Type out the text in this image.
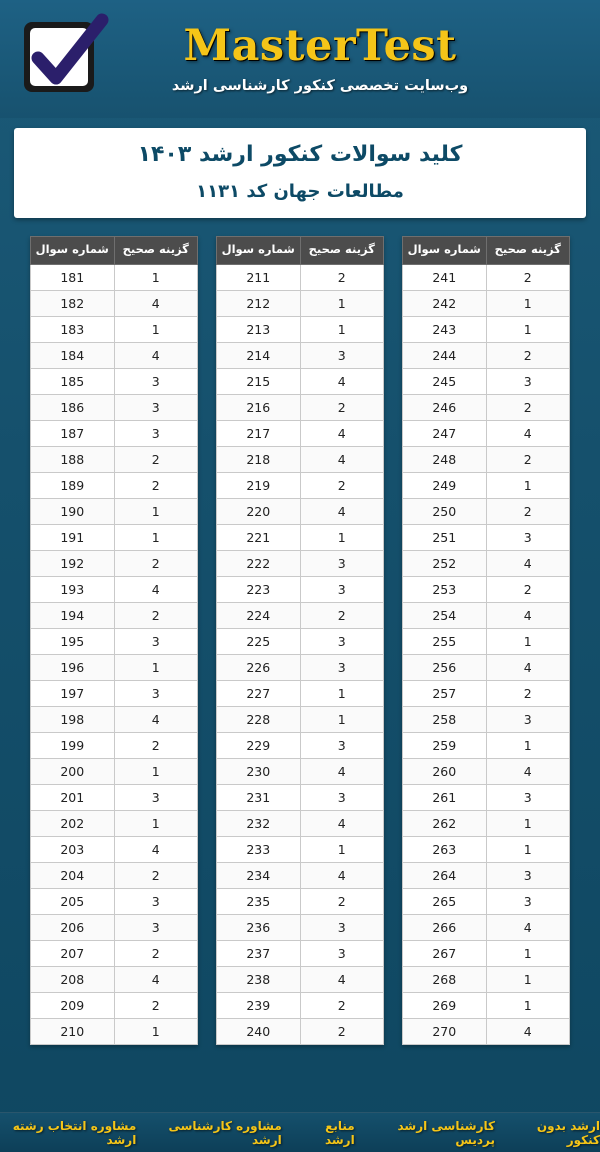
MasterTest
وب‌سایت تخصصی کنکور کارشناسی ارشد
کلید سوالات کنکور ارشد ۱۴۰۳
مطالعات جهان کد ۱۱۳۱
شماره سوال	گزینه صحیح
181	1
182	4
183	1
184	4
185	3
186	3
187	3
188	2
189	2
190	1
191	1
192	2
193	4
194	2
195	3
196	1
197	3
198	4
199	2
200	1
201	3
202	1
203	4
204	2
205	3
206	3
207	2
208	4
209	2
210	1
شماره سوال	گزینه صحیح
211	2
212	1
213	1
214	3
215	4
216	2
217	4
218	4
219	2
220	4
221	1
222	3
223	3
224	2
225	3
226	3
227	1
228	1
229	3
230	4
231	3
232	4
233	1
234	4
235	2
236	3
237	3
238	4
239	2
240	2
شماره سوال	گزینه صحیح
241	2
242	1
243	1
244	2
245	3
246	2
247	4
248	2
249	1
250	2
251	3
252	4
253	2
254	4
255	1
256	4
257	2
258	3
259	1
260	4
261	3
262	1
263	1
264	3
265	3
266	4
267	1
268	1
269	1
270	4
ارشد بدون کنکور
کارشناسی ارشد پردیس
منابع ارشد
مشاوره کارشناسی ارشد
مشاوره انتخاب رشته ارشد
